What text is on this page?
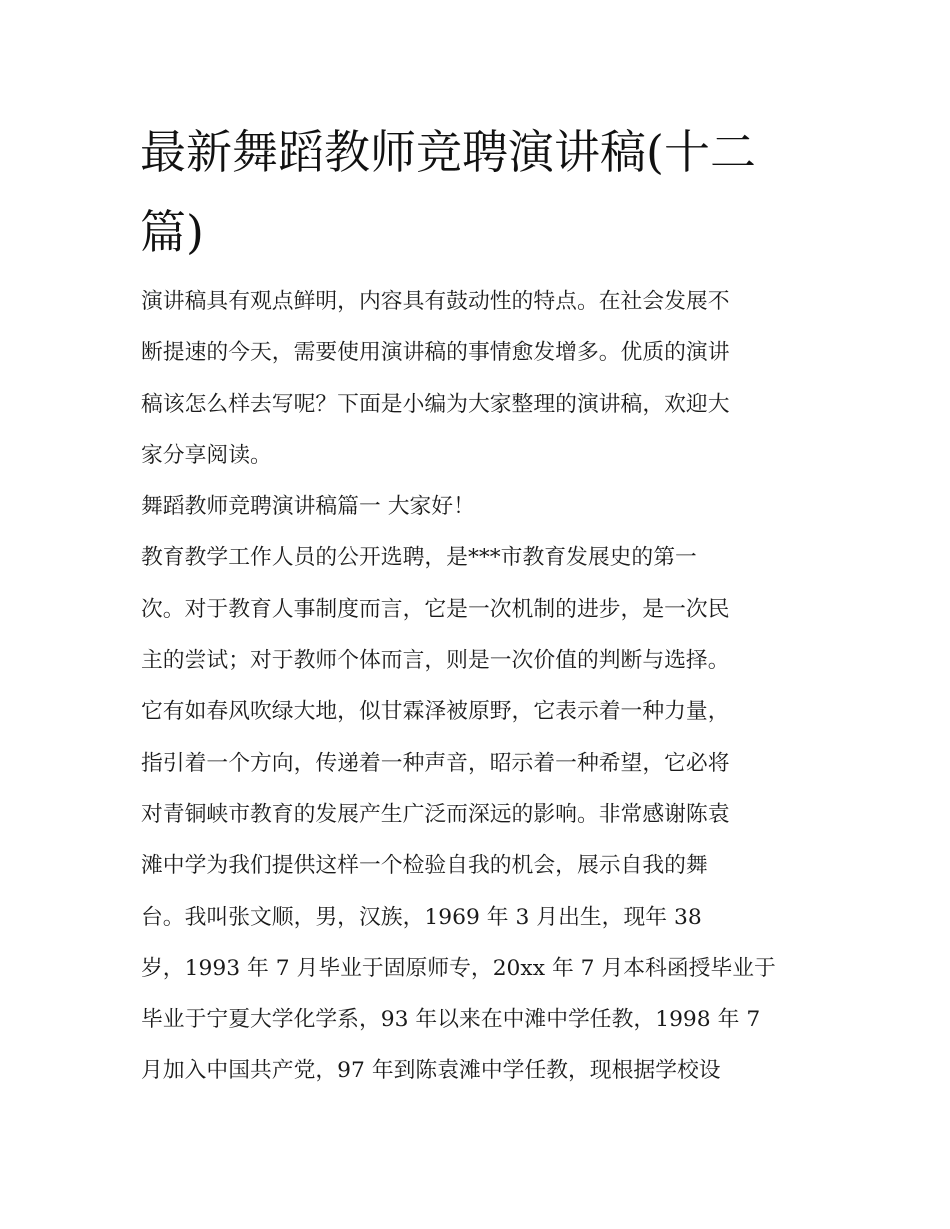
最新舞蹈教师竞聘演讲稿(十二
篇)
演讲稿具有观点鲜明，内容具有鼓动性的特点。在社会发展不
断提速的今天，需要使用演讲稿的事情愈发增多。优质的演讲
稿该怎么样去写呢？下面是小编为大家整理的演讲稿，欢迎大
家分享阅读。
舞蹈教师竞聘演讲稿篇一 大家好！
教育教学工作人员的公开选聘，是***市教育发展史的第一
次。对于教育人事制度而言，它是一次机制的进步，是一次民
主的尝试；对于教师个体而言，则是一次价值的判断与选择。
它有如春风吹绿大地，似甘霖泽被原野，它表示着一种力量，
指引着一个方向，传递着一种声音，昭示着一种希望，它必将
对青铜峡市教育的发展产生广泛而深远的影响。非常感谢陈袁
滩中学为我们提供这样一个检验自我的机会，展示自我的舞
台。我叫张文顺，男，汉族，1969 年 3 月出生，现年 38
岁，1993 年 7 月毕业于固原师专，20xx 年 7 月本科函授毕业于
毕业于宁夏大学化学系，93 年以来在中滩中学任教，1998 年 7
月加入中国共产党，97 年到陈袁滩中学任教，现根据学校设
